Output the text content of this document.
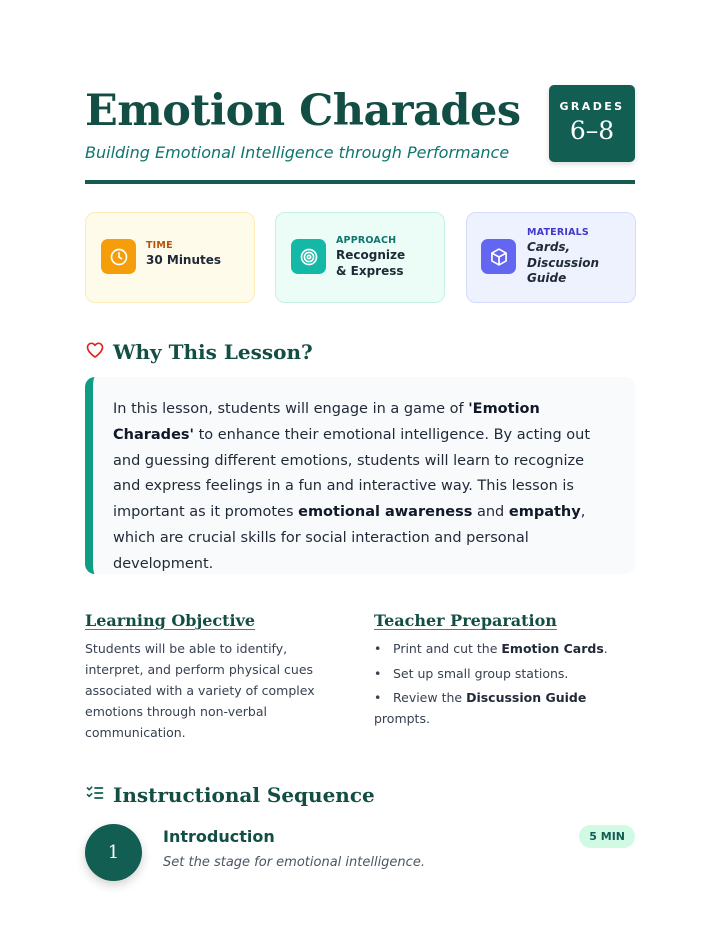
Emotion Charades
Building Emotional Intelligence through Performance
GRADES
6–8
TIME
30 Minutes
APPROACH
Recognize & Express
MATERIALS
Cards, Discussion Guide
Why This Lesson?

In this lesson, students will engage in a game of 'Emotion Charades' to enhance their emotional intelligence. By acting out and guessing different emotions, students will learn to recognize and express feelings in a fun and interactive way. This lesson is important as it promotes emotional awareness and empathy, which are crucial skills for social interaction and personal development.

Learning Objective

Students will be able to identify, interpret, and perform physical cues associated with a variety of complex emotions through non-verbal communication.

Teacher Preparation
• Print and cut the Emotion Cards.
• Set up small group stations.
• Review the Discussion Guide
prompts.
Instructional Sequence
1
Introduction
Set the stage for emotional intelligence.
5 MIN
